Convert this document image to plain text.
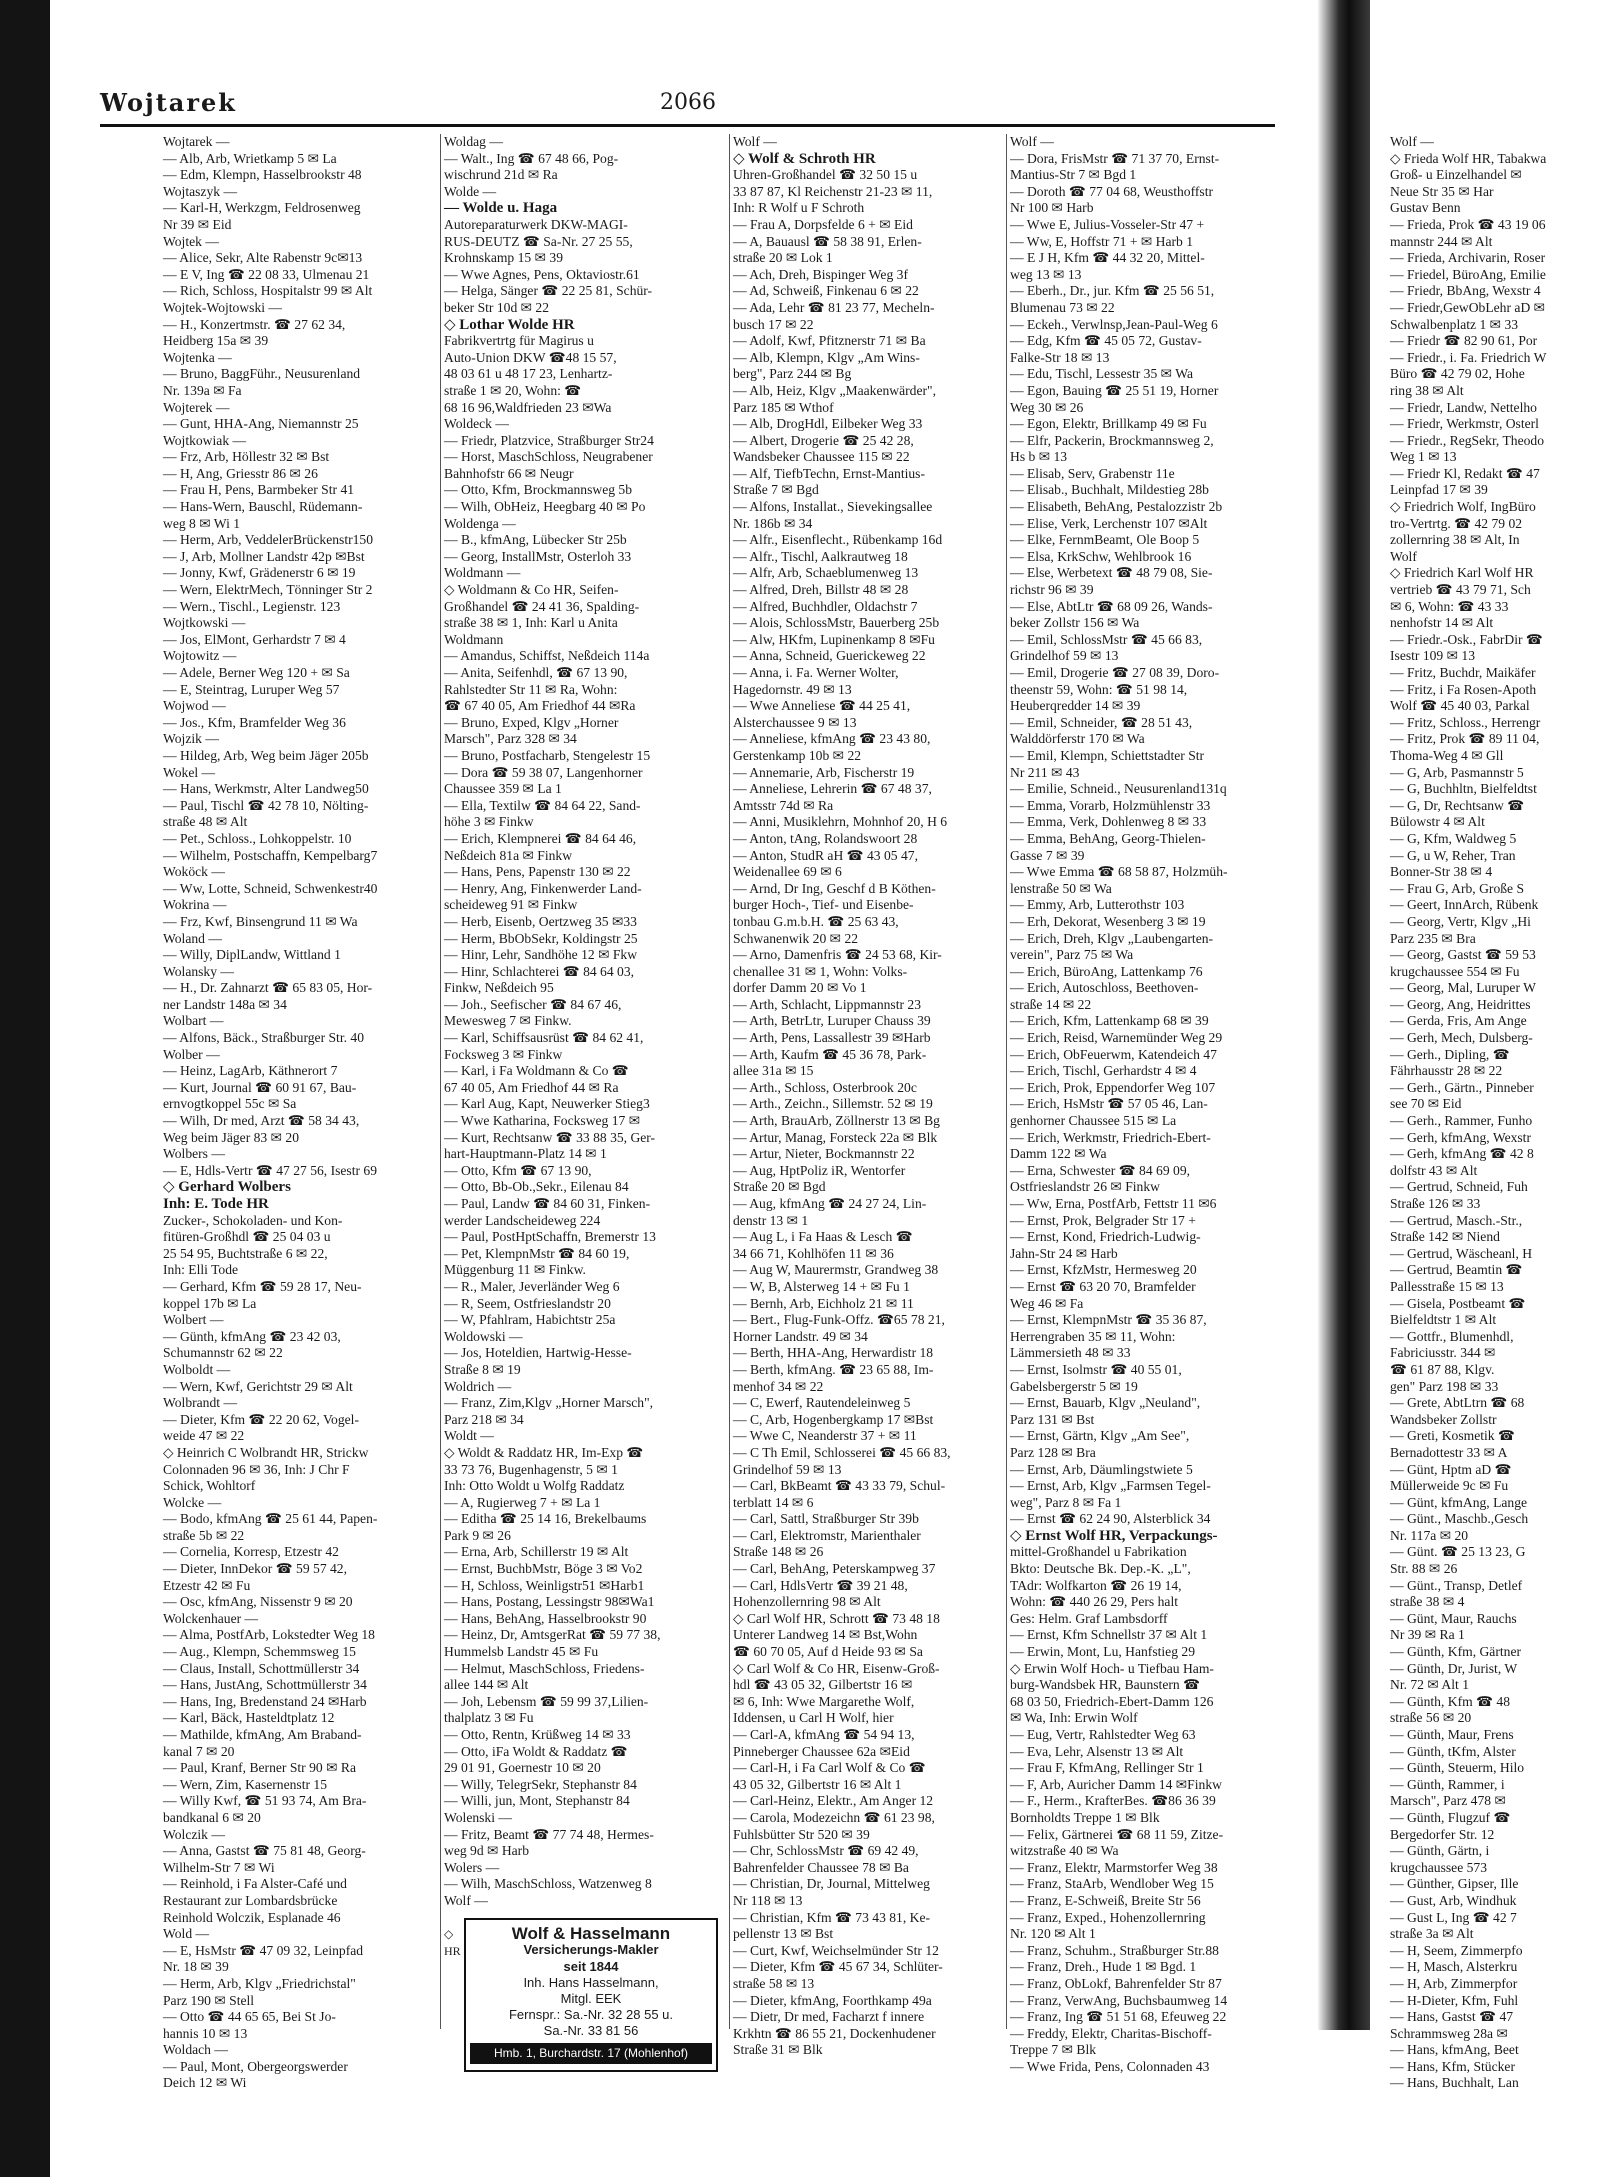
Wojtarek	2066
Wojtarek —
— Alb, Arb, Wrietkamp 5 ✉ La
— Edm, Klempn, Hasselbrookstr 48
Wojtaszyk —
— Karl-H, Werkzgm, Feldrosenweg
Nr 39 ✉ Eid
Wojtek —
— Alice, Sekr, Alte Rabenstr 9c✉13
— E V, Ing ☎ 22 08 33, Ulmenau 21
— Rich, Schloss, Hospitalstr 99 ✉ Alt
Wojtek-Wojtowski —
— H., Konzertmstr. ☎ 27 62 34,
Heidberg 15a ✉ 39
Wojtenka —
— Bruno, BaggFühr., Neusurenland
Nr. 139a ✉ Fa
Wojterek —
— Gunt, HHA-Ang, Niemannstr 25
Wojtkowiak —
— Frz, Arb, Höllestr 32 ✉ Bst
— H, Ang, Griesstr 86 ✉ 26
— Frau H, Pens, Barmbeker Str 41
— Hans-Wern, Bauschl, Rüdemann-
weg 8 ✉ Wi 1
— Herm, Arb, VeddelerBrückenstr150
— J, Arb, Mollner Landstr 42p ✉Bst
— Jonny, Kwf, Grädenerstr 6 ✉ 19
— Wern, ElektrMech, Tönninger Str 2
— Wern., Tischl., Legienstr. 123
Wojtkowski —
— Jos, ElMont, Gerhardstr 7 ✉ 4
Wojtowitz —
— Adele, Berner Weg 120 + ✉ Sa
— E, Steintrag, Luruper Weg 57
Wojwod —
— Jos., Kfm, Bramfelder Weg 36
Wojzik —
— Hildeg, Arb, Weg beim Jäger 205b
Wokel —
— Hans, Werkmstr, Alter Landweg50
— Paul, Tischl ☎ 42 78 10, Nölting-
straße 48 ✉ Alt
— Pet., Schloss., Lohkoppelstr. 10
— Wilhelm, Postschaffn, Kempelbarg7
Woköck —
— Ww, Lotte, Schneid, Schwenkestr40
Wokrina —
— Frz, Kwf, Binsengrund 11 ✉ Wa
Woland —
— Willy, DiplLandw, Wittland 1
Wolansky —
— H., Dr. Zahnarzt ☎ 65 83 05, Hor-
ner Landstr 148a ✉ 34
Wolbart —
— Alfons, Bäck., Straßburger Str. 40
Wolber —
— Heinz, LagArb, Käthnerort 7
— Kurt, Journal ☎ 60 91 67, Bau-
ernvogtkoppel 55c ✉ Sa
— Wilh, Dr med, Arzt ☎ 58 34 43,
Weg beim Jäger 83 ✉ 20
Wolbers —
— E, Hdls-Vertr ☎ 47 27 56, Isestr 69
◇ Gerhard Wolbers
Inh: E. Tode HR
Zucker-, Schokoladen- und Kon-
fitüren-Großhdl ☎ 25 04 03 u
25 54 95, Buchtstraße 6 ✉ 22,
Inh: Elli Tode
— Gerhard, Kfm ☎ 59 28 17, Neu-
koppel 17b ✉ La
Wolbert —
— Günth, kfmAng ☎ 23 42 03,
Schumannstr 62 ✉ 22
Wolboldt —
— Wern, Kwf, Gerichtstr 29 ✉ Alt
Wolbrandt —
— Dieter, Kfm ☎ 22 20 62, Vogel-
weide 47 ✉ 22
◇ Heinrich C Wolbrandt HR, Strickw
Colonnaden 96 ✉ 36, Inh: J Chr F
Schick, Wohltorf
Wolcke —
— Bodo, kfmAng ☎ 25 61 44, Papen-
straße 5b ✉ 22
— Cornelia, Korresp, Etzestr 42
— Dieter, InnDekor ☎ 59 57 42,
Etzestr 42 ✉ Fu
— Osc, kfmAng, Nissenstr 9 ✉ 20
Wolckenhauer —
— Alma, PostfArb, Lokstedter Weg 18
— Aug., Klempn, Schemmsweg 15
— Claus, Install, Schottmüllerstr 34
— Hans, JustAng, Schottmüllerstr 34
— Hans, Ing, Bredenstand 24 ✉Harb
— Karl, Bäck, Hasteldtplatz 12
— Mathilde, kfmAng, Am Braband-
kanal 7 ✉ 20
— Paul, Kranf, Berner Str 90 ✉ Ra
— Wern, Zim, Kasernenstr 15
— Willy Kwf, ☎ 51 93 74, Am Bra-
bandkanal 6 ✉ 20
Wolczik —
— Anna, Gastst ☎ 75 81 48, Georg-
Wilhelm-Str 7 ✉ Wi
— Reinhold, i Fa Alster-Café und
Restaurant zur Lombardsbrücke
Reinhold Wolczik, Esplanade 46
Wold —
— E, HsMstr ☎ 47 09 32, Leinpfad
Nr. 18 ✉ 39
— Herm, Arb, Klgv „Friedrichstal"
Parz 190 ✉ Stell
— Otto ☎ 44 65 65, Bei St Jo-
hannis 10 ✉ 13
Woldach —
— Paul, Mont, Obergeorgswerder
Deich 12 ✉ Wi
Woldag —
— Walt., Ing ☎ 67 48 66, Pog-
wischrund 21d ✉ Ra
Wolde —
— Wolde u. Haga
Autoreparaturwerk DKW-MAGI-
RUS-DEUTZ ☎ Sa-Nr. 27 25 55,
Krohnskamp 15 ✉ 39
— Wwe Agnes, Pens, Oktaviostr.61
— Helga, Sänger ☎ 22 25 81, Schür-
beker Str 10d ✉ 22
◇ Lothar Wolde HR
Fabrikvertrtg für Magirus u
Auto-Union DKW ☎48 15 57,
48 03 61 u 48 17 23, Lenhartz-
straße 1 ✉ 20, Wohn: ☎
68 16 96,Waldfrieden 23 ✉Wa
Woldeck —
— Friedr, Platzvice, Straßburger Str24
— Horst, MaschSchloss, Neugrabener
Bahnhofstr 66 ✉ Neugr
— Otto, Kfm, Brockmannsweg 5b
— Wilh, ObHeiz, Heegbarg 40 ✉ Po
Woldenga —
— B., kfmAng, Lübecker Str 25b
— Georg, InstallMstr, Osterloh 33
Woldmann —
◇ Woldmann & Co HR, Seifen-
Großhandel ☎ 24 41 36, Spalding-
straße 38 ✉ 1, Inh: Karl u Anita
Woldmann
— Amandus, Schiffst, Neßdeich 114a
— Anita, Seifenhdl, ☎ 67 13 90,
Rahlstedter Str 11 ✉ Ra, Wohn:
☎ 67 40 05, Am Friedhof 44 ✉Ra
— Bruno, Exped, Klgv „Horner
Marsch", Parz 328 ✉ 34
— Bruno, Postfacharb, Stengelestr 15
— Dora ☎ 59 38 07, Langenhorner
Chaussee 359 ✉ La 1
— Ella, Textilw ☎ 84 64 22, Sand-
höhe 3 ✉ Finkw
— Erich, Klempnerei ☎ 84 64 46,
Neßdeich 81a ✉ Finkw
— Hans, Pens, Papenstr 130 ✉ 22
— Henry, Ang, Finkenwerder Land-
scheideweg 91 ✉ Finkw
— Herb, Eisenb, Oertzweg 35 ✉33
— Herm, BbObSekr, Koldingstr 25
— Hinr, Lehr, Sandhöhe 12 ✉ Fkw
— Hinr, Schlachterei ☎ 84 64 03,
Finkw, Neßdeich 95
— Joh., Seefischer ☎ 84 67 46,
Mewesweg 7 ✉ Finkw.
— Karl, Schiffsausrüst ☎ 84 62 41,
Focksweg 3 ✉ Finkw
— Karl, i Fa Woldmann & Co ☎
67 40 05, Am Friedhof 44 ✉ Ra
— Karl Aug, Kapt, Neuwerker Stieg3
— Wwe Katharina, Focksweg 17 ✉
— Kurt, Rechtsanw ☎ 33 88 35, Ger-
hart-Hauptmann-Platz 14 ✉ 1
— Otto, Kfm ☎ 67 13 90,
— Otto, Bb-Ob.,Sekr., Eilenau 84
— Paul, Landw ☎ 84 60 31, Finken-
werder Landscheideweg 224
— Paul, PostHptSchaffn, Bremerstr 13
— Pet, KlempnMstr ☎ 84 60 19,
Müggenburg 11 ✉ Finkw.
— R., Maler, Jeverländer Weg 6
— R, Seem, Ostfrieslandstr 20
— W, Pfahlram, Habichtstr 25a
Woldowski —
— Jos, Hoteldien, Hartwig-Hesse-
Straße 8 ✉ 19
Woldrich —
— Franz, Zim,Klgv „Horner Marsch",
Parz 218 ✉ 34
Woldt —
◇ Woldt & Raddatz HR, Im-Exp ☎
33 73 76, Bugenhagenstr, 5 ✉ 1
Inh: Otto Woldt u Wolfg Raddatz
— A, Rugierweg 7 + ✉ La 1
— Editha ☎ 25 14 16, Brekelbaums
Park 9 ✉ 26
— Erna, Arb, Schillerstr 19 ✉ Alt
— Ernst, BuchbMstr, Böge 3 ✉ Vo2
— H, Schloss, Weinligstr51 ✉Harb1
— Hans, Postang, Lessingstr 98✉Wa1
— Hans, BehAng, Hasselbrookstr 90
— Heinz, Dr, AmtsgerRat ☎ 59 77 38,
Hummelsb Landstr 45 ✉ Fu
— Helmut, MaschSchloss, Friedens-
allee 144 ✉ Alt
— Joh, Lebensm ☎ 59 99 37,Lilien-
thalplatz 3 ✉ Fu
— Otto, Rentn, Krüßweg 14 ✉ 33
— Otto, iFa Woldt & Raddatz ☎
29 01 91, Goernestr 10 ✉ 20
— Willy, TelegrSekr, Stephanstr 84
— Willi, jun, Mont, Stephanstr 84
Wolenski —
— Fritz, Beamt ☎ 77 74 48, Hermes-
weg 9d ✉ Harb
Wolers —
— Wilh, MaschSchloss, Watzenweg 8
Wolf —
Wolf & Hasselmann
Versicherungs-Makler
seit 1844
Inh. Hans Hasselmann,
Mitgl. EEK
Fernspr.: Sa.-Nr. 32 28 55 u.
Sa.-Nr. 33 81 56
Hmb. 1, Burchardstr. 17 (Mohlenhof)
◇ HR
Wolf —
◇ Wolf & Schroth HR
Uhren-Großhandel ☎ 32 50 15 u
33 87 87, Kl Reichenstr 21-23 ✉ 11,
Inh: R Wolf u F Schroth
— Frau A, Dorpsfelde 6 + ✉ Eid
— A, Bauausl ☎ 58 38 91, Erlen-
straße 20 ✉ Lok 1
— Ach, Dreh, Bispinger Weg 3f
— Ad, Schweiß, Finkenau 6 ✉ 22
— Ada, Lehr ☎ 81 23 77, Mecheln-
busch 17 ✉ 22
— Adolf, Kwf, Pfitznerstr 71 ✉ Ba
— Alb, Klempn, Klgv „Am Wins-
berg", Parz 244 ✉ Bg
— Alb, Heiz, Klgv „Maakenwärder",
Parz 185 ✉ Wthof
— Alb, DrogHdl, Eilbeker Weg 33
— Albert, Drogerie ☎ 25 42 28,
Wandsbeker Chaussee 115 ✉ 22
— Alf, TiefbTechn, Ernst-Mantius-
Straße 7 ✉ Bgd
— Alfons, Installat., Sievekingsallee
Nr. 186b ✉ 34
— Alfr., Eisenflecht., Rübenkamp 16d
— Alfr., Tischl, Aalkrautweg 18
— Alfr, Arb, Schaeblumenweg 13
— Alfred, Dreh, Billstr 48 ✉ 28
— Alfred, Buchhdler, Oldachstr 7
— Alois, SchlossMstr, Bauerberg 25b
— Alw, HKfm, Lupinenkamp 8 ✉Fu
— Anna, Schneid, Guerickeweg 22
— Anna, i. Fa. Werner Wolter,
Hagedornstr. 49 ✉ 13
— Wwe Anneliese ☎ 44 25 41,
Alsterchaussee 9 ✉ 13
— Anneliese, kfmAng ☎ 23 43 80,
Gerstenkamp 10b ✉ 22
— Annemarie, Arb, Fischerstr 19
— Anneliese, Lehrerin ☎ 67 48 37,
Amtsstr 74d ✉ Ra
— Anni, Musiklehrn, Mohnhof 20, H 6
— Anton, tAng, Rolandswoort 28
— Anton, StudR aH ☎ 43 05 47,
Weidenallee 69 ✉ 6
— Arnd, Dr Ing, Geschf d B Köthen-
burger Hoch-, Tief- und Eisenbe-
tonbau G.m.b.H. ☎ 25 63 43,
Schwanenwik 20 ✉ 22
— Arno, Damenfris ☎ 24 53 68, Kir-
chenallee 31 ✉ 1, Wohn: Volks-
dorfer Damm 20 ✉ Vo 1
— Arth, Schlacht, Lippmannstr 23
— Arth, BetrLtr, Luruper Chauss 39
— Arth, Pens, Lassallestr 39 ✉Harb
— Arth, Kaufm ☎ 45 36 78, Park-
allee 31a ✉ 15
— Arth., Schloss, Osterbrook 20c
— Arth., Zeichn., Sillemstr. 52 ✉ 19
— Arth, BrauArb, Zöllnerstr 13 ✉ Bg
— Artur, Manag, Forsteck 22a ✉ Blk
— Artur, Nieter, Bockmannstr 22
— Aug, HptPoliz iR, Wentorfer
Straße 20 ✉ Bgd
— Aug, kfmAng ☎ 24 27 24, Lin-
denstr 13 ✉ 1
— Aug L, i Fa Haas & Lesch ☎
34 66 71, Kohlhöfen 11 ✉ 36
— Aug W, Maurermstr, Grandweg 38
— W, B, Alsterweg 14 + ✉ Fu 1
— Bernh, Arb, Eichholz 21 ✉ 11
— Bert., Flug-Funk-Offz. ☎65 78 21,
Horner Landstr. 49 ✉ 34
— Berth, HHA-Ang, Herwardistr 18
— Berth, kfmAng. ☎ 23 65 88, Im-
menhof 34 ✉ 22
— C, Ewerf, Rautendeleinweg 5
— C, Arb, Hogenbergkamp 17 ✉Bst
— Wwe C, Neanderstr 37 + ✉ 11
— C Th Emil, Schlosserei ☎ 45 66 83,
Grindelhof 59 ✉ 13
— Carl, BkBeamt ☎ 43 33 79, Schul-
terblatt 14 ✉ 6
— Carl, Sattl, Straßburger Str 39b
— Carl, Elektromstr, Marienthaler
Straße 148 ✉ 26
— Carl, BehAng, Peterskampweg 37
— Carl, HdlsVertr ☎ 39 21 48,
Hohenzollernring 98 ✉ Alt
◇ Carl Wolf HR, Schrott ☎ 73 48 18
Unterer Landweg 14 ✉ Bst,Wohn
☎ 60 70 05, Auf d Heide 93 ✉ Sa
◇ Carl Wolf & Co HR, Eisenw-Groß-
hdl ☎ 43 05 32, Gilbertstr 16 ✉
✉ 6, Inh: Wwe Margarethe Wolf,
Iddensen, u Carl H Wolf, hier
— Carl-A, kfmAng ☎ 54 94 13,
Pinneberger Chaussee 62a ✉Eid
— Carl-H, i Fa Carl Wolf & Co ☎
43 05 32, Gilbertstr 16 ✉ Alt 1
— Carl-Heinz, Elektr., Am Anger 12
— Carola, Modezeichn ☎ 61 23 98,
Fuhlsbütter Str 520 ✉ 39
— Chr, SchlossMstr ☎ 69 42 49,
Bahrenfelder Chaussee 78 ✉ Ba
— Christian, Dr, Journal, Mittelweg
Nr 118 ✉ 13
— Christian, Kfm ☎ 73 43 81, Ke-
pellenstr 13 ✉ Bst
— Curt, Kwf, Weichselmünder Str 12
— Dieter, Kfm ☎ 45 67 34, Schlüter-
straße 58 ✉ 13
— Dieter, kfmAng, Foorthkamp 49a
— Dietr, Dr med, Facharzt f innere
Krkhtn ☎ 86 55 21, Dockenhudener
Straße 31 ✉ Blk
Wolf —
— Dora, FrisMstr ☎ 71 37 70, Ernst-
Mantius-Str 7 ✉ Bgd 1
— Doroth ☎ 77 04 68, Weusthoffstr
Nr 100 ✉ Harb
— Wwe E, Julius-Vosseler-Str 47 +
— Ww, E, Hoffstr 71 + ✉ Harb 1
— E J H, Kfm ☎ 44 32 20, Mittel-
weg 13 ✉ 13
— Eberh., Dr., jur. Kfm ☎ 25 56 51,
Blumenau 73 ✉ 22
— Eckeh., Verwlnsp,Jean-Paul-Weg 6
— Edg, Kfm ☎ 45 05 72, Gustav-
Falke-Str 18 ✉ 13
— Edu, Tischl, Lessestr 35 ✉ Wa
— Egon, Bauing ☎ 25 51 19, Horner
Weg 30 ✉ 26
— Egon, Elektr, Brillkamp 49 ✉ Fu
— Elfr, Packerin, Brockmannsweg 2,
Hs b ✉ 13
— Elisab, Serv, Grabenstr 11e
— Elisab., Buchhalt, Mildestieg 28b
— Elisabeth, BehAng, Pestalozzistr 2b
— Elise, Verk, Lerchenstr 107 ✉Alt
— Elke, FernmBeamt, Ole Boop 5
— Elsa, KrkSchw, Wehlbrook 16
— Else, Werbetext ☎ 48 79 08, Sie-
richstr 96 ✉ 39
— Else, AbtLtr ☎ 68 09 26, Wands-
beker Zollstr 156 ✉ Wa
— Emil, SchlossMstr ☎ 45 66 83,
Grindelhof 59 ✉ 13
— Emil, Drogerie ☎ 27 08 39, Doro-
theenstr 59, Wohn: ☎ 51 98 14,
Heuberqredder 14 ✉ 39
— Emil, Schneider, ☎ 28 51 43,
Walddörferstr 170 ✉ Wa
— Emil, Klempn, Schiettstadter Str
Nr 211 ✉ 43
— Emilie, Schneid., Neusurenland131q
— Emma, Vorarb, Holzmühlenstr 33
— Emma, Verk, Dohlenweg 8 ✉ 33
— Emma, BehAng, Georg-Thielen-
Gasse 7 ✉ 39
— Wwe Emma ☎ 68 58 87, Holzmüh-
lenstraße 50 ✉ Wa
— Emmy, Arb, Lutterothstr 103
— Erh, Dekorat, Wesenberg 3 ✉ 19
— Erich, Dreh, Klgv „Laubengarten-
verein", Parz 75 ✉ Wa
— Erich, BüroAng, Lattenkamp 76
— Erich, Autoschloss, Beethoven-
straße 14 ✉ 22
— Erich, Kfm, Lattenkamp 68 ✉ 39
— Erich, Reisd, Warnemünder Weg 29
— Erich, ObFeuerwm, Katendeich 47
— Erich, Tischl, Gerhardstr 4 ✉ 4
— Erich, Prok, Eppendorfer Weg 107
— Erich, HsMstr ☎ 57 05 46, Lan-
genhorner Chaussee 515 ✉ La
— Erich, Werkmstr, Friedrich-Ebert-
Damm 122 ✉ Wa
— Erna, Schwester ☎ 84 69 09,
Ostfrieslandstr 26 ✉ Finkw
— Ww, Erna, PostfArb, Fettstr 11 ✉6
— Ernst, Prok, Belgrader Str 17 +
— Ernst, Kond, Friedrich-Ludwig-
Jahn-Str 24 ✉ Harb
— Ernst, KfzMstr, Hermesweg 20
— Ernst ☎ 63 20 70, Bramfelder
Weg 46 ✉ Fa
— Ernst, KlempnMstr ☎ 35 36 87,
Herrengraben 35 ✉ 11, Wohn:
Lämmersieth 48 ✉ 33
— Ernst, Isolmstr ☎ 40 55 01,
Gabelsbergerstr 5 ✉ 19
— Ernst, Bauarb, Klgv „Neuland",
Parz 131 ✉ Bst
— Ernst, Gärtn, Klgv „Am See",
Parz 128 ✉ Bra
— Ernst, Arb, Däumlingstwiete 5
— Ernst, Arb, Klgv „Farmsen Tegel-
weg", Parz 8 ✉ Fa 1
— Ernst ☎ 62 24 90, Alsterblick 34
◇ Ernst Wolf HR, Verpackungs-
mittel-Großhandel u Fabrikation
Bkto: Deutsche Bk. Dep.-K. „L",
TAdr: Wolfkarton ☎ 26 19 14,
Wohn: ☎ 440 26 29, Pers halt
Ges: Helm. Graf Lambsdorff
— Ernst, Kfm Schnellstr 37 ✉ Alt 1
— Erwin, Mont, Lu, Hanfstieg 29
◇ Erwin Wolf Hoch- u Tiefbau Ham-
burg-Wandsbek HR, Baunstern ☎
68 03 50, Friedrich-Ebert-Damm 126
✉ Wa, Inh: Erwin Wolf
— Eug, Vertr, Rahlstedter Weg 63
— Eva, Lehr, Alsenstr 13 ✉ Alt
— Frau F, KfmAng, Rellinger Str 1
— F, Arb, Auricher Damm 14 ✉Finkw
— F., Herm., KrafterBes. ☎86 36 39
Bornholdts Treppe 1 ✉ Blk
— Felix, Gärtnerei ☎ 68 11 59, Zitze-
witzstraße 40 ✉ Wa
— Franz, Elektr, Marmstorfer Weg 38
— Franz, StaArb, Wendlober Weg 15
— Franz, E-Schweiß, Breite Str 56
— Franz, Exped., Hohenzollernring
Nr. 120 ✉ Alt 1
— Franz, Schuhm., Straßburger Str.88
— Franz, Dreh., Hude 1 ✉ Bgd. 1
— Franz, ObLokf, Bahrenfelder Str 87
— Franz, VerwAng, Buchsbaumweg 14
— Franz, Ing ☎ 51 51 68, Efeuweg 22
— Freddy, Elektr, Charitas-Bischoff-
Treppe 7 ✉ Blk
— Wwe Frida, Pens, Colonnaden 43
Wolf —
◇ Frieda Wolf HR, Tabakwa
Groß- u Einzelhandel ✉
Neue Str 35 ✉ Har
Gustav Benn
— Frieda, Prok ☎ 43 19 06
mannstr 244 ✉ Alt
— Frieda, Archivarin, Roser
— Friedel, BüroAng, Emilie
— Friedr, BbAng, Wexstr 4
— Friedr,GewObLehr aD ✉
Schwalbenplatz 1 ✉ 33
— Friedr ☎ 82 90 61, Por
— Friedr., i. Fa. Friedrich W
Büro ☎ 42 79 02, Hohe
ring 38 ✉ Alt
— Friedr, Landw, Nettelho
— Friedr, Werkmstr, Osterl
— Friedr., RegSekr, Theodo
Weg 1 ✉ 13
— Friedr Kl, Redakt ☎ 47
Leinpfad 17 ✉ 39
◇ Friedrich Wolf, IngBüro
tro-Vertrtg. ☎ 42 79 02
zollernring 38 ✉ Alt, In
Wolf
◇ Friedrich Karl Wolf HR
vertrieb ☎ 43 79 71, Sch
✉ 6, Wohn: ☎ 43 33
nenhofstr 14 ✉ Alt
— Friedr.-Osk., FabrDir ☎
Isestr 109 ✉ 13
— Fritz, Buchdr, Maikäfer
— Fritz, i Fa Rosen-Apoth
Wolf ☎ 45 40 03, Parkal
— Fritz, Schloss., Herrengr
— Fritz, Prok ☎ 89 11 04,
Thoma-Weg 4 ✉ Gll
— G, Arb, Pasmannstr 5
— G, Buchhltn, Bielfeldtst
— G, Dr, Rechtsanw ☎
Bülowstr 4 ✉ Alt
— G, Kfm, Waldweg 5
— G, u W, Reher, Tran
Bonner-Str 38 ✉ 4
— Frau G, Arb, Große S
— Geert, InnArch, Rübenk
— Georg, Vertr, Klgv „Hi
Parz 235 ✉ Bra
— Georg, Gastst ☎ 59 53
krugchaussee 554 ✉ Fu
— Georg, Mal, Luruper W
— Georg, Ang, Heidrittes
— Gerda, Fris, Am Ange
— Gerh, Mech, Dulsberg-
— Gerh., Dipling, ☎
Fährhausstr 28 ✉ 22
— Gerh., Gärtn., Pinneber
see 70 ✉ Eid
— Gerh., Rammer, Funho
— Gerh, kfmAng, Wexstr
— Gerh, kfmAng ☎ 42 8
dolfstr 43 ✉ Alt
— Gertrud, Schneid, Fuh
Straße 126 ✉ 33
— Gertrud, Masch.-Str.,
Straße 142 ✉ Niend
— Gertrud, Wäscheanl, H
— Gertrud, Beamtin ☎
Pallesstraße 15 ✉ 13
— Gisela, Postbeamt ☎
Bielfeldtstr 1 ✉ Alt
— Gottfr., Blumenhdl,
Fabriciusstr. 344 ✉
☎ 61 87 88, Klgv.
gen" Parz 198 ✉ 33
— Grete, AbtLtrn ☎ 68
Wandsbeker Zollstr
— Greti, Kosmetik ☎
Bernadottestr 33 ✉ A
— Günt, Hptm aD ☎
Müllerweide 9c ✉ Fu
— Günt, kfmAng, Lange
— Günt., Maschb.,Gesch
Nr. 117a ✉ 20
— Günt. ☎ 25 13 23, G
Str. 88 ✉ 26
— Günt., Transp, Detlef
straße 38 ✉ 4
— Günt, Maur, Rauchs
Nr 39 ✉ Ra 1
— Günth, Kfm, Gärtner
— Günth, Dr, Jurist, W
Nr. 72 ✉ Alt 1
— Günth, Kfm ☎ 48
straße 56 ✉ 20
— Günth, Maur, Frens
— Günth, tKfm, Alster
— Günth, Steuerm, Hilo
— Günth, Rammer, i
Marsch", Parz 478 ✉
— Günth, Flugzuf ☎
Bergedorfer Str. 12
— Günth, Gärtn, i
krugchaussee 573
— Günther, Gipser, Ille
— Gust, Arb, Windhuk
— Gust L, Ing ☎ 42 7
straße 3a ✉ Alt
— H, Seem, Zimmerpfo
— H, Masch, Alsterkru
— H, Arb, Zimmerpfor
— H-Dieter, Kfm, Fuhl
— Hans, Gastst ☎ 47
Schrammsweg 28a ✉
— Hans, kfmAng, Beet
— Hans, Kfm, Stücker
— Hans, Buchhalt, Lan
